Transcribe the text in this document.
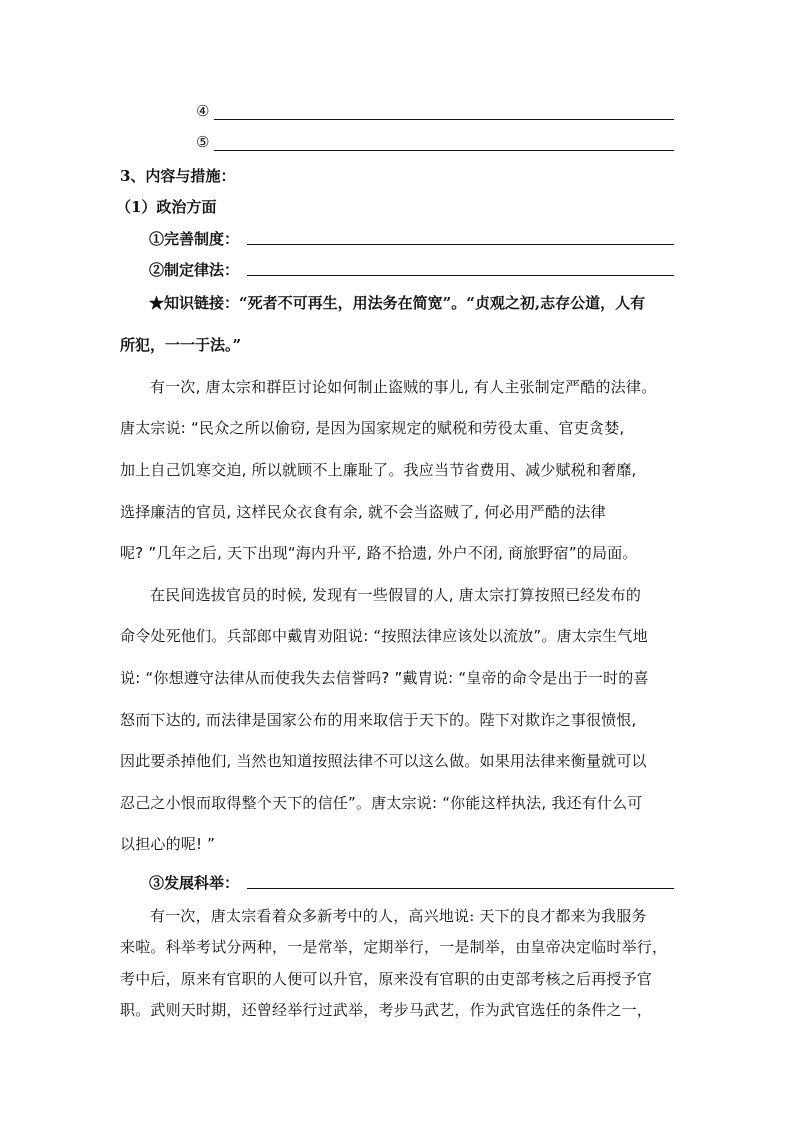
④
⑤
3、内容与措施：
（1）政治方面
①完善制度：
②制定律法：
★知识链接：“死者不可再生，用法务在简宽”。“贞观之初,志存公道，人有
所犯，一一于法。”
有一次, 唐太宗和群臣讨论如何制止盗贼的事儿, 有人主张制定严酷的法律。
唐太宗说: “民众之所以偷窃, 是因为国家规定的赋税和劳役太重、官吏贪婪,
加上自己饥寒交迫, 所以就顾不上廉耻了。我应当节省费用、减少赋税和奢靡,
选择廉洁的官员, 这样民众衣食有余, 就不会当盗贼了, 何必用严酷的法律
呢? ”几年之后, 天下出现“海内升平, 路不拾遗, 外户不闭, 商旅野宿”的局面。
在民间选拔官员的时候, 发现有一些假冒的人, 唐太宗打算按照已经发布的
命令处死他们。兵部郎中戴胄劝阻说: “按照法律应该处以流放”。唐太宗生气地
说: “你想遵守法律从而使我失去信誉吗? ”戴胄说: “皇帝的命令是出于一时的喜
怒而下达的, 而法律是国家公布的用来取信于天下的。陛下对欺诈之事很愤恨,
因此要杀掉他们, 当然也知道按照法律不可以这么做。如果用法律来衡量就可以
忍己之小恨而取得整个天下的信任”。唐太宗说: “你能这样执法, 我还有什么可
以担心的呢! ”
③发展科举：
有一次，唐太宗看着众多新考中的人，高兴地说: 天下的良才都来为我服务
来啦。科举考试分两种，一是常举，定期举行，一是制举，由皇帝决定临时举行，
考中后，原来有官职的人便可以升官，原来没有官职的由吏部考核之后再授予官
职。武则天时期，还曾经举行过武举，考步马武艺，作为武官选任的条件之一，
